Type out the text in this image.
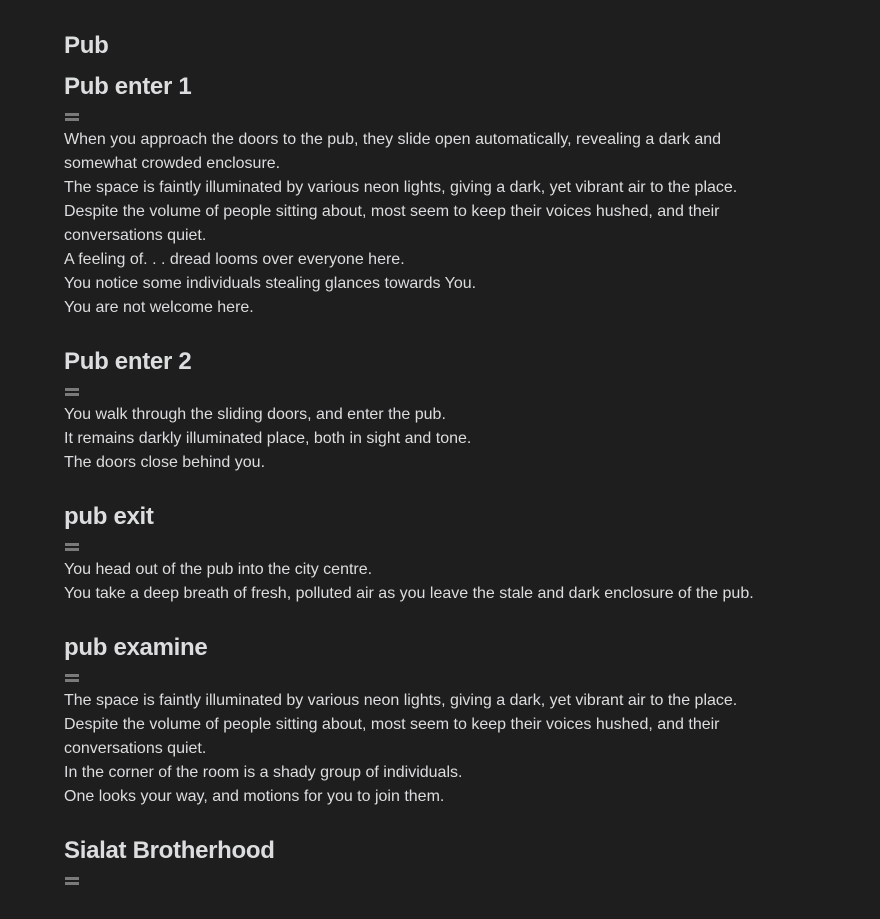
Pub
Pub enter 1

When you approach the doors to the pub, they slide open automatically, revealing a dark and somewhat crowded enclosure.

The space is faintly illuminated by various neon lights, giving a dark, yet vibrant air to the place.

Despite the volume of people sitting about, most seem to keep their voices hushed, and their conversations quiet.

A feeling of. . . dread looms over everyone here.

You notice some individuals stealing glances towards You.

You are not welcome here.

Pub enter 2

You walk through the sliding doors, and enter the pub.

It remains darkly illuminated place, both in sight and tone.

The doors close behind you.

pub exit

You head out of the pub into the city centre.

You take a deep breath of fresh, polluted air as you leave the stale and dark enclosure of the pub.

pub examine

The space is faintly illuminated by various neon lights, giving a dark, yet vibrant air to the place.

Despite the volume of people sitting about, most seem to keep their voices hushed, and their conversations quiet.

In the corner of the room is a shady group of individuals.

One looks your way, and motions for you to join them.

Sialat Brotherhood
